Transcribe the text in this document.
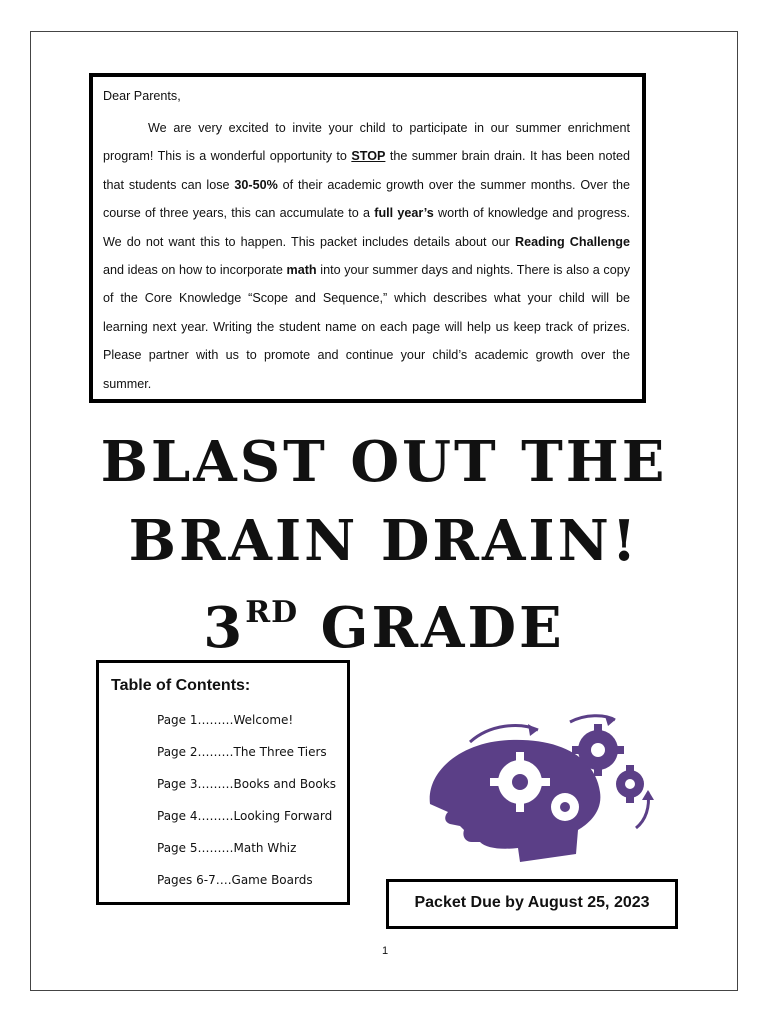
Dear Parents,

We are very excited to invite your child to participate in our summer enrichment program! This is a wonderful opportunity to STOP the summer brain drain. It has been noted that students can lose 30-50% of their academic growth over the summer months. Over the course of three years, this can accumulate to a full year’s worth of knowledge and progress. We do not want this to happen. This packet includes details about our Reading Challenge and ideas on how to incorporate math into your summer days and nights. There is also a copy of the Core Knowledge “Scope and Sequence,” which describes what your child will be learning next year. Writing the student name on each page will help us keep track of prizes. Please partner with us to promote and continue your child’s academic growth over the summer.

BLAST OUT THE
BRAIN DRAIN!
3RD GRADE
Table of Contents:
Page 1………Welcome!
Page 2………The Three Tiers
Page 3………Books and Books
Page 4………Looking Forward
Page 5………Math Whiz
Pages 6-7….Game Boards
Packet Due by August 25, 2023
1
